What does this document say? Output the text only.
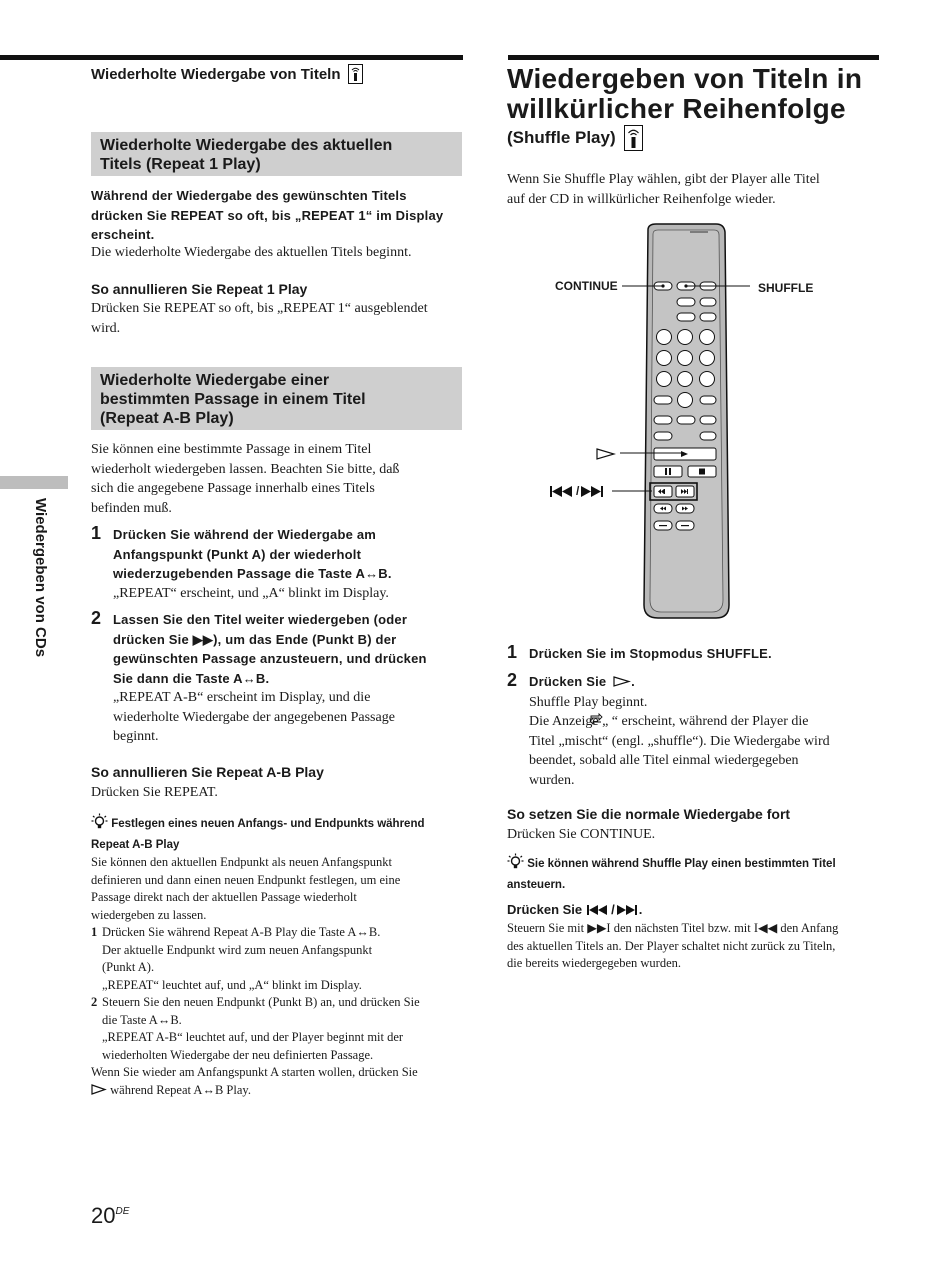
Wiederholte Wiedergabe von Titeln
Wiederholte Wiedergabe des aktuellen
Titels (Repeat 1 Play)
Während der Wiedergabe des gewünschten Titels
drücken Sie REPEAT so oft, bis „REPEAT 1“ im Display
erscheint.
Die wiederholte Wiedergabe des aktuellen Titels beginnt.
So annullieren Sie Repeat 1 Play
Drücken Sie REPEAT so oft, bis „REPEAT 1“ ausgeblendet
wird.
Wiederholte Wiedergabe einer
bestimmten Passage in einem Titel
(Repeat A-B Play)
Sie können eine bestimmte Passage in einem Titel
wiederholt wiedergeben lassen. Beachten Sie bitte, daß
sich die angegebene Passage innerhalb eines Titels
befinden muß.
1 Drücken Sie während der Wiedergabe am
Anfangspunkt (Punkt A) der wiederholt
wiederzugebenden Passage die Taste A↔B.
„REPEAT“ erscheint, und „A“ blinkt im Display.
2 Lassen Sie den Titel weiter wiedergeben (oder
drücken Sie ▶▶), um das Ende (Punkt B) der
gewünschten Passage anzusteuern, und drücken
Sie dann die Taste A↔B.
„REPEAT A-B“ erscheint im Display, und die
wiederholte Wiedergabe der angegebenen Passage
beginnt.
So annullieren Sie Repeat A-B Play
Drücken Sie REPEAT.
Festlegen eines neuen Anfangs- und Endpunkts während
Repeat A-B Play
Sie können den aktuellen Endpunkt als neuen Anfangspunkt
definieren und dann einen neuen Endpunkt festlegen, um eine
Passage direkt nach der aktuellen Passage wiederholt
wiedergeben zu lassen.
1 Drücken Sie während Repeat A-B Play die Taste A↔B.
Der aktuelle Endpunkt wird zum neuen Anfangspunkt
(Punkt A).
„REPEAT“ leuchtet auf, und „A“ blinkt im Display.
2 Steuern Sie den neuen Endpunkt (Punkt B) an, und drücken Sie
die Taste A↔B.
„REPEAT A-B“ leuchtet auf, und der Player beginnt mit der
wiederholten Wiedergabe der neu definierten Passage.
Wenn Sie wieder am Anfangspunkt A starten wollen, drücken Sie
während Repeat A↔B Play.
20DE
Wiedergeben von CDs
Wiedergeben von Titeln in
willkürlicher Reihenfolge
(Shuffle Play)
Wenn Sie Shuffle Play wählen, gibt der Player alle Titel
auf der CD in willkürlicher Reihenfolge wieder.
CONTINUE	SHUFFLE
/
1 Drücken Sie im Stopmodus SHUFFLE.
2 Drücken Sie .
Shuffle Play beginnt.
Die Anzeige „ “ erscheint, während der Player die
Titel „mischt“ (engl. „shuffle“). Die Wiedergabe wird
beendet, sobald alle Titel einmal wiedergegeben
wurden.
So setzen Sie die normale Wiedergabe fort
Drücken Sie CONTINUE.
Sie können während Shuffle Play einen bestimmten Titel
ansteuern.
Drücken Sie / .
Steuern Sie mit ▶▶I den nächsten Titel bzw. mit I◀◀ den Anfang
des aktuellen Titels an. Der Player schaltet nicht zurück zu Titeln,
die bereits wiedergegeben wurden.
